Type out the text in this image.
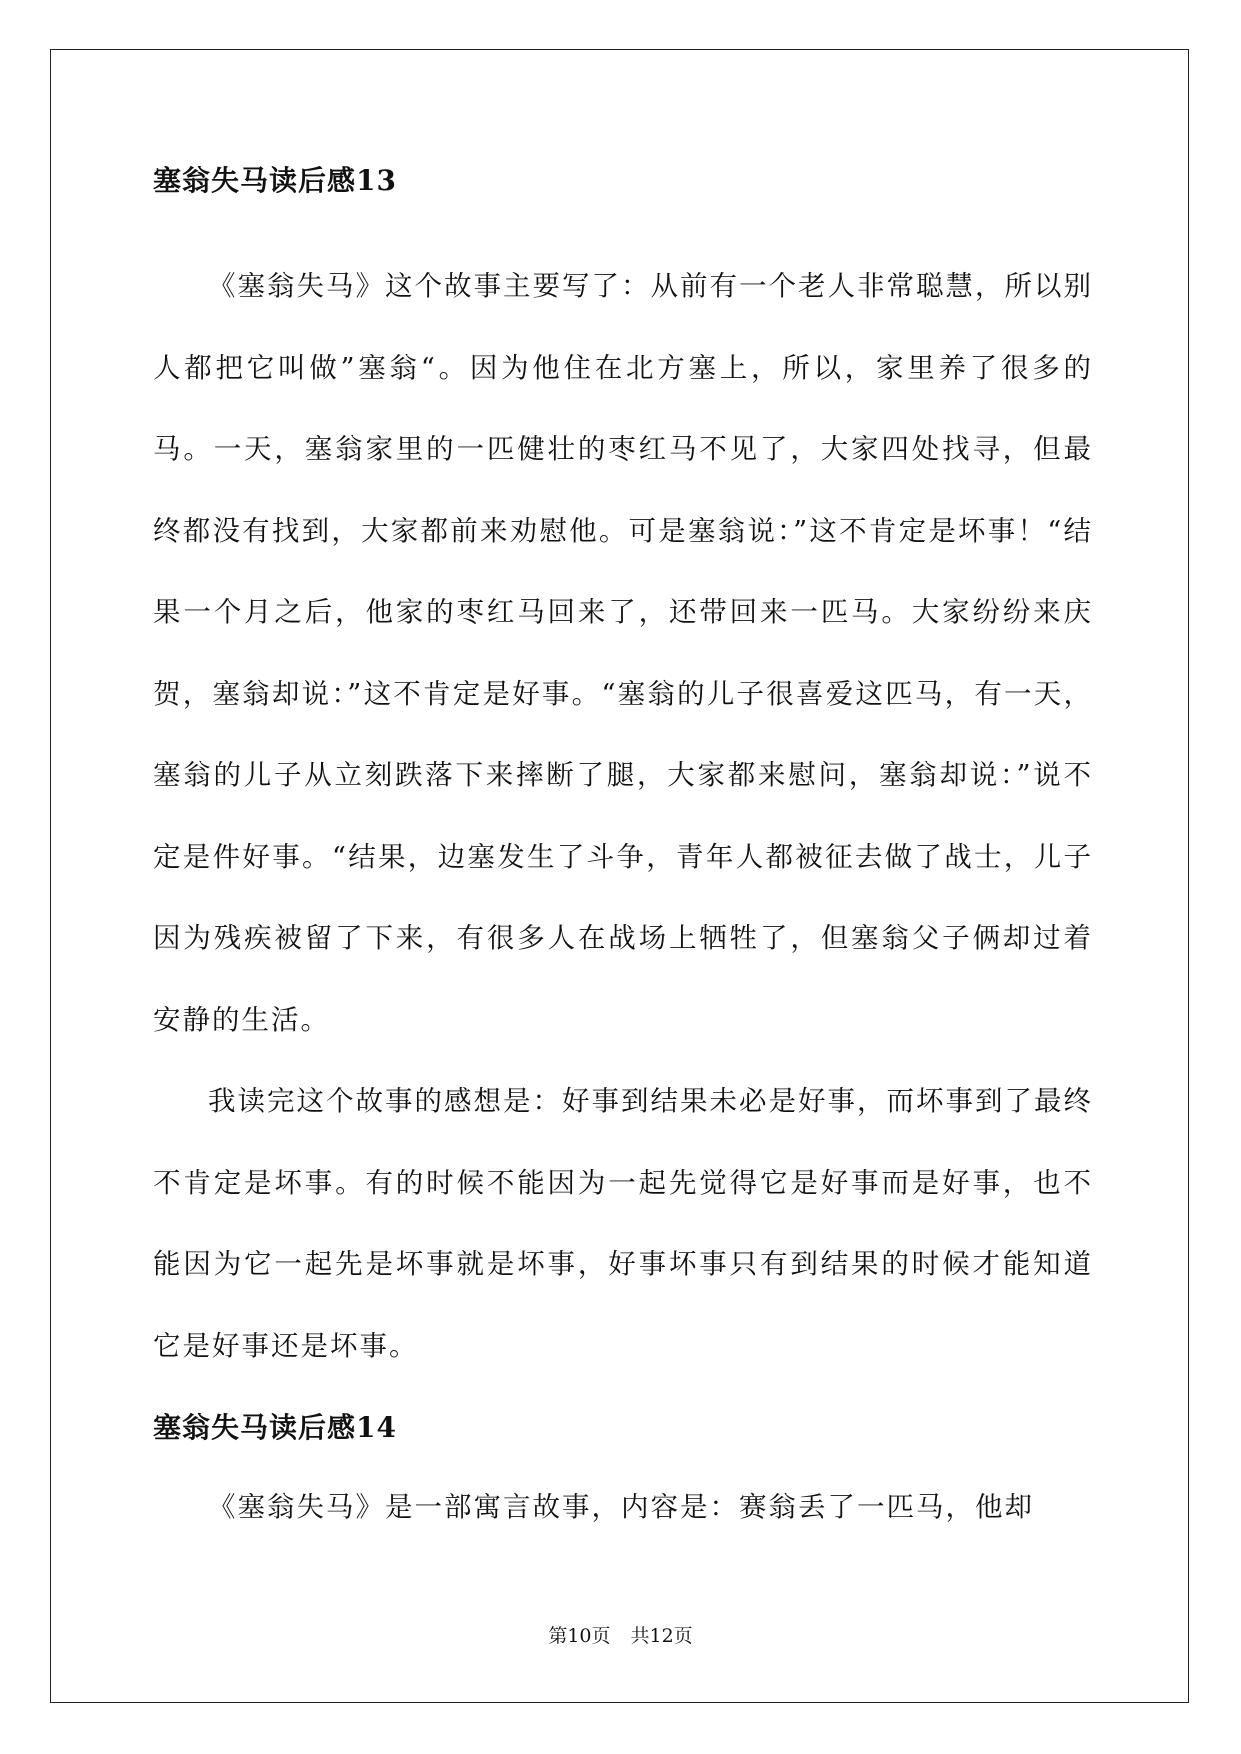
塞翁失马读后感13

《塞翁失马》这个故事主要写了：从前有一个老人非常聪慧，所以别人都把它叫做”塞翁“。因为他住在北方塞上，所以，家里养了很多的马。一天，塞翁家里的一匹健壮的枣红马不见了，大家四处找寻，但最终都没有找到，大家都前来劝慰他。可是塞翁说：”这不肯定是坏事！“结果一个月之后，他家的枣红马回来了，还带回来一匹马。大家纷纷来庆贺，塞翁却说：”这不肯定是好事。“塞翁的儿子很喜爱这匹马，有一天，塞翁的儿子从立刻跌落下来摔断了腿，大家都来慰问，塞翁却说：”说不定是件好事。“结果，边塞发生了斗争，青年人都被征去做了战士，儿子因为残疾被留了下来，有很多人在战场上牺牲了，但塞翁父子俩却过着安静的生活。

我读完这个故事的感想是：好事到结果未必是好事，而坏事到了最终不肯定是坏事。有的时候不能因为一起先觉得它是好事而是好事，也不能因为它一起先是坏事就是坏事，好事坏事只有到结果的时候才能知道它是好事还是坏事。

塞翁失马读后感14

《塞翁失马》是一部寓言故事，内容是：赛翁丢了一匹马，他却

第10页 共12页
